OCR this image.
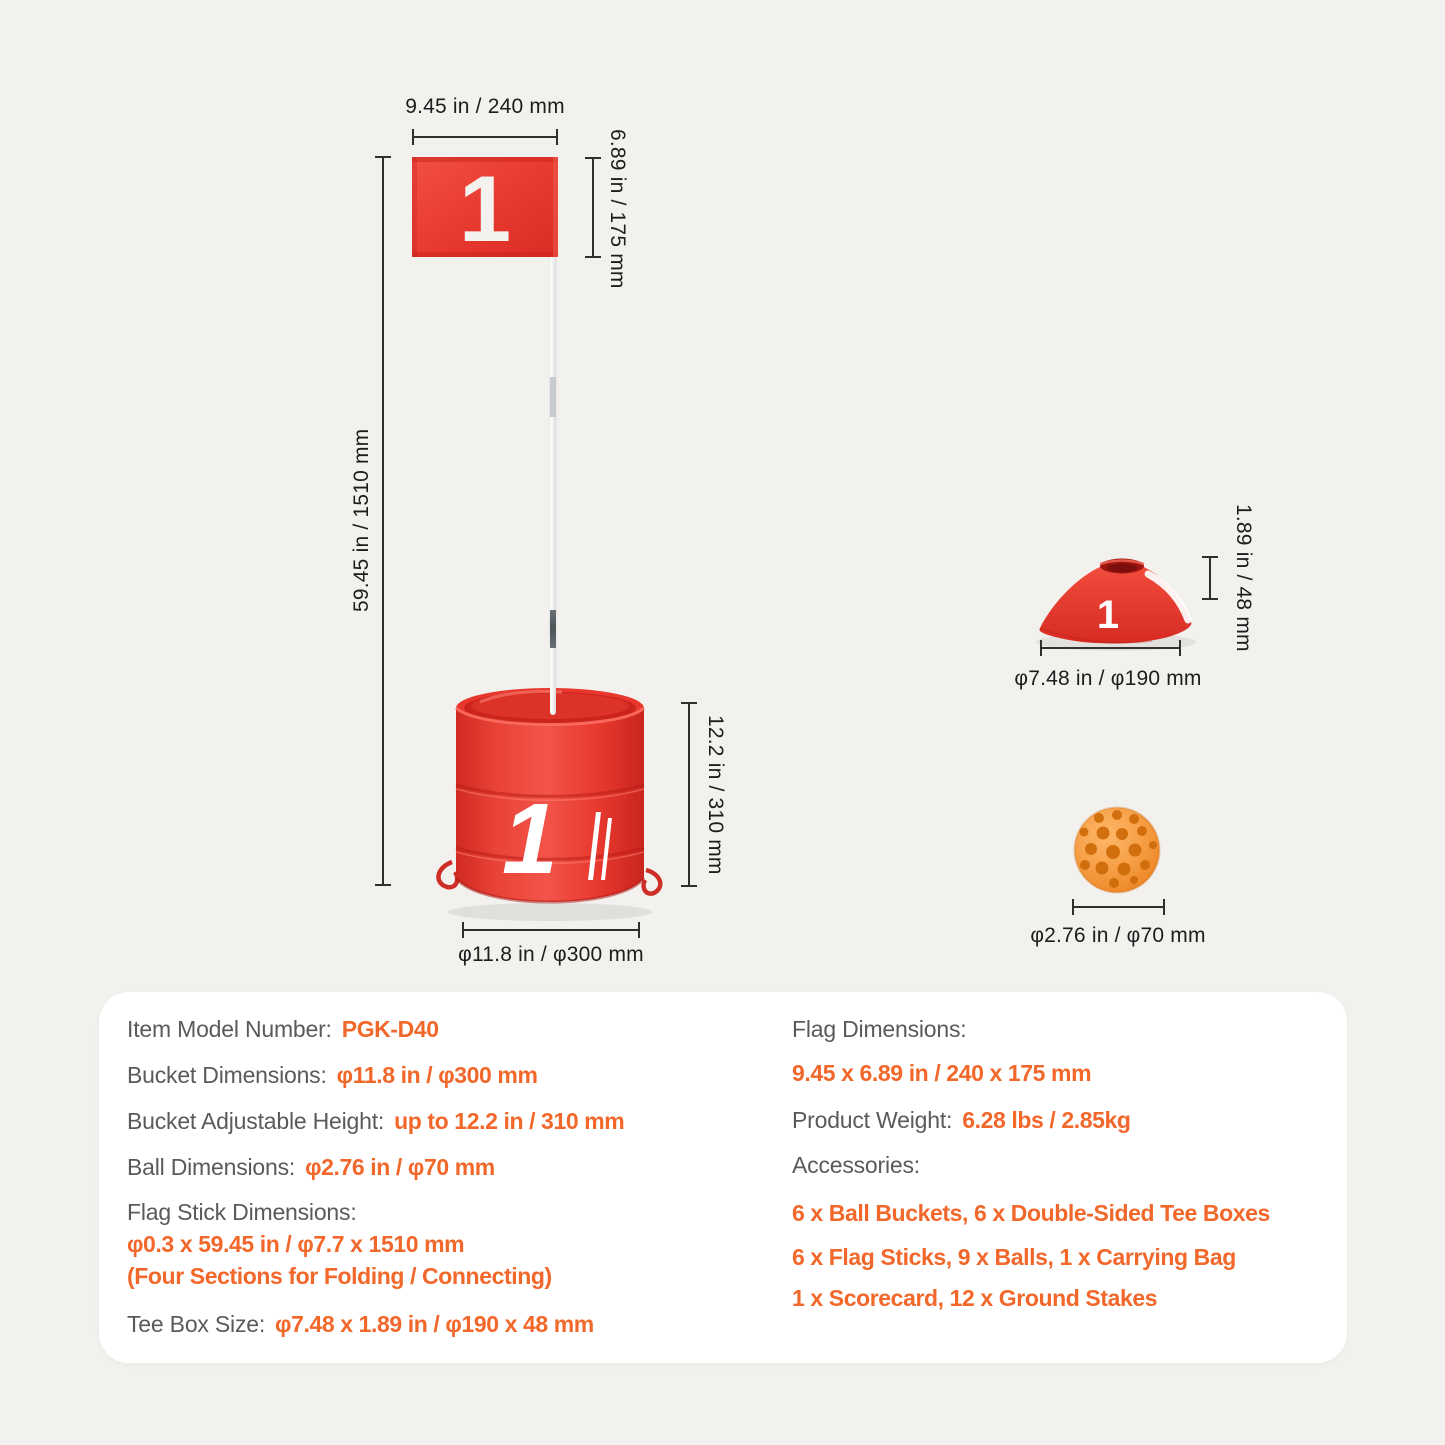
9.45 in / 240 mm
6.89 in / 175 mm
59.45 in / 1510 mm
12.2 in / 310 mm
φ11.8 in / φ300 mm
1.89 in / 48 mm
φ7.48 in / φ190 mm
φ2.76 in / φ70 mm
1
1
1
Item Model Number: PGK-D40
Bucket Dimensions: φ11.8 in / φ300 mm
Bucket Adjustable Height: up to 12.2 in / 310 mm
Ball Dimensions: φ2.76 in / φ70 mm
Flag Stick Dimensions:
φ0.3 x 59.45 in / φ7.7 x 1510 mm
(Four Sections for Folding / Connecting)
Tee Box Size: φ7.48 x 1.89 in / φ190 x 48 mm
Flag Dimensions:
9.45 x 6.89 in / 240 x 175 mm
Product Weight: 6.28 lbs / 2.85kg
Accessories:
6 x Ball Buckets, 6 x Double-Sided Tee Boxes
6 x Flag Sticks, 9 x Balls, 1 x Carrying Bag
1 x Scorecard, 12 x Ground Stakes
